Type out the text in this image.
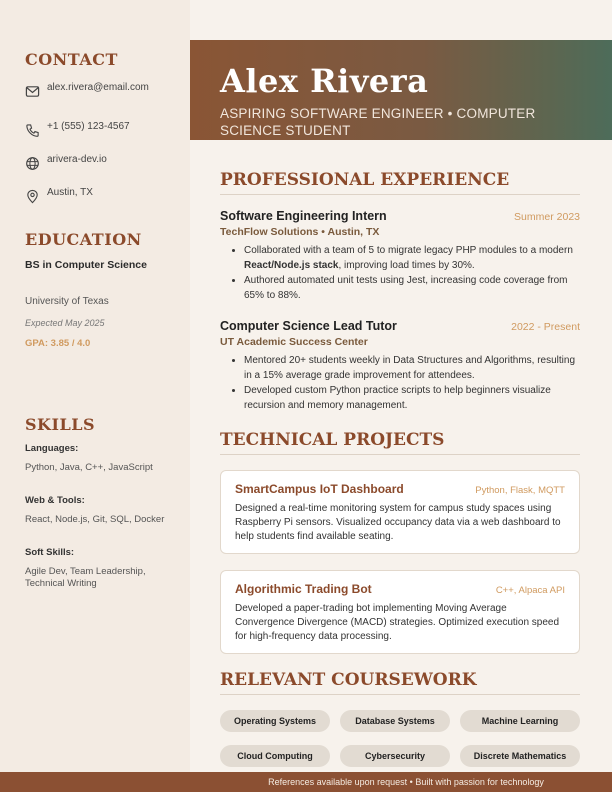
CONTACT
alex.rivera@email.com
+1 (555) 123-4567
arivera-dev.io
Austin, TX
EDUCATION
BS in Computer Science
University of Texas
Expected May 2025
GPA: 3.85 / 4.0
SKILLS
Languages:
Python, Java, C++, JavaScript
Web & Tools:
React, Node.js, Git, SQL, Docker
Soft Skills:
Agile Dev, Team Leadership, Technical Writing
Alex Rivera
ASPIRING SOFTWARE ENGINEER • COMPUTER SCIENCE STUDENT
PROFESSIONAL EXPERIENCE
Software Engineering Intern	Summer 2023
TechFlow Solutions • Austin, TX
• Collaborated with a team of 5 to migrate legacy PHP modules to a modern React/Node.js stack, improving load times by 30%.
• Authored automated unit tests using Jest, increasing code coverage from 65% to 88%.
Computer Science Lead Tutor	2022 - Present
UT Academic Success Center
• Mentored 20+ students weekly in Data Structures and Algorithms, resulting in a 15% average grade improvement for attendees.
• Developed custom Python practice scripts to help beginners visualize recursion and memory management.
TECHNICAL PROJECTS
SmartCampus IoT Dashboard	Python, Flask, MQTT
Designed a real-time monitoring system for campus study spaces using Raspberry Pi sensors. Visualized occupancy data via a web dashboard to help students find available seating.
Algorithmic Trading Bot	C++, Alpaca API
Developed a paper-trading bot implementing Moving Average Convergence Divergence (MACD) strategies. Optimized execution speed for high-frequency data processing.
RELEVANT COURSEWORK
Operating Systems	Database Systems	Machine Learning
Cloud Computing	Cybersecurity	Discrete Mathematics
References available upon request • Built with passion for technology
